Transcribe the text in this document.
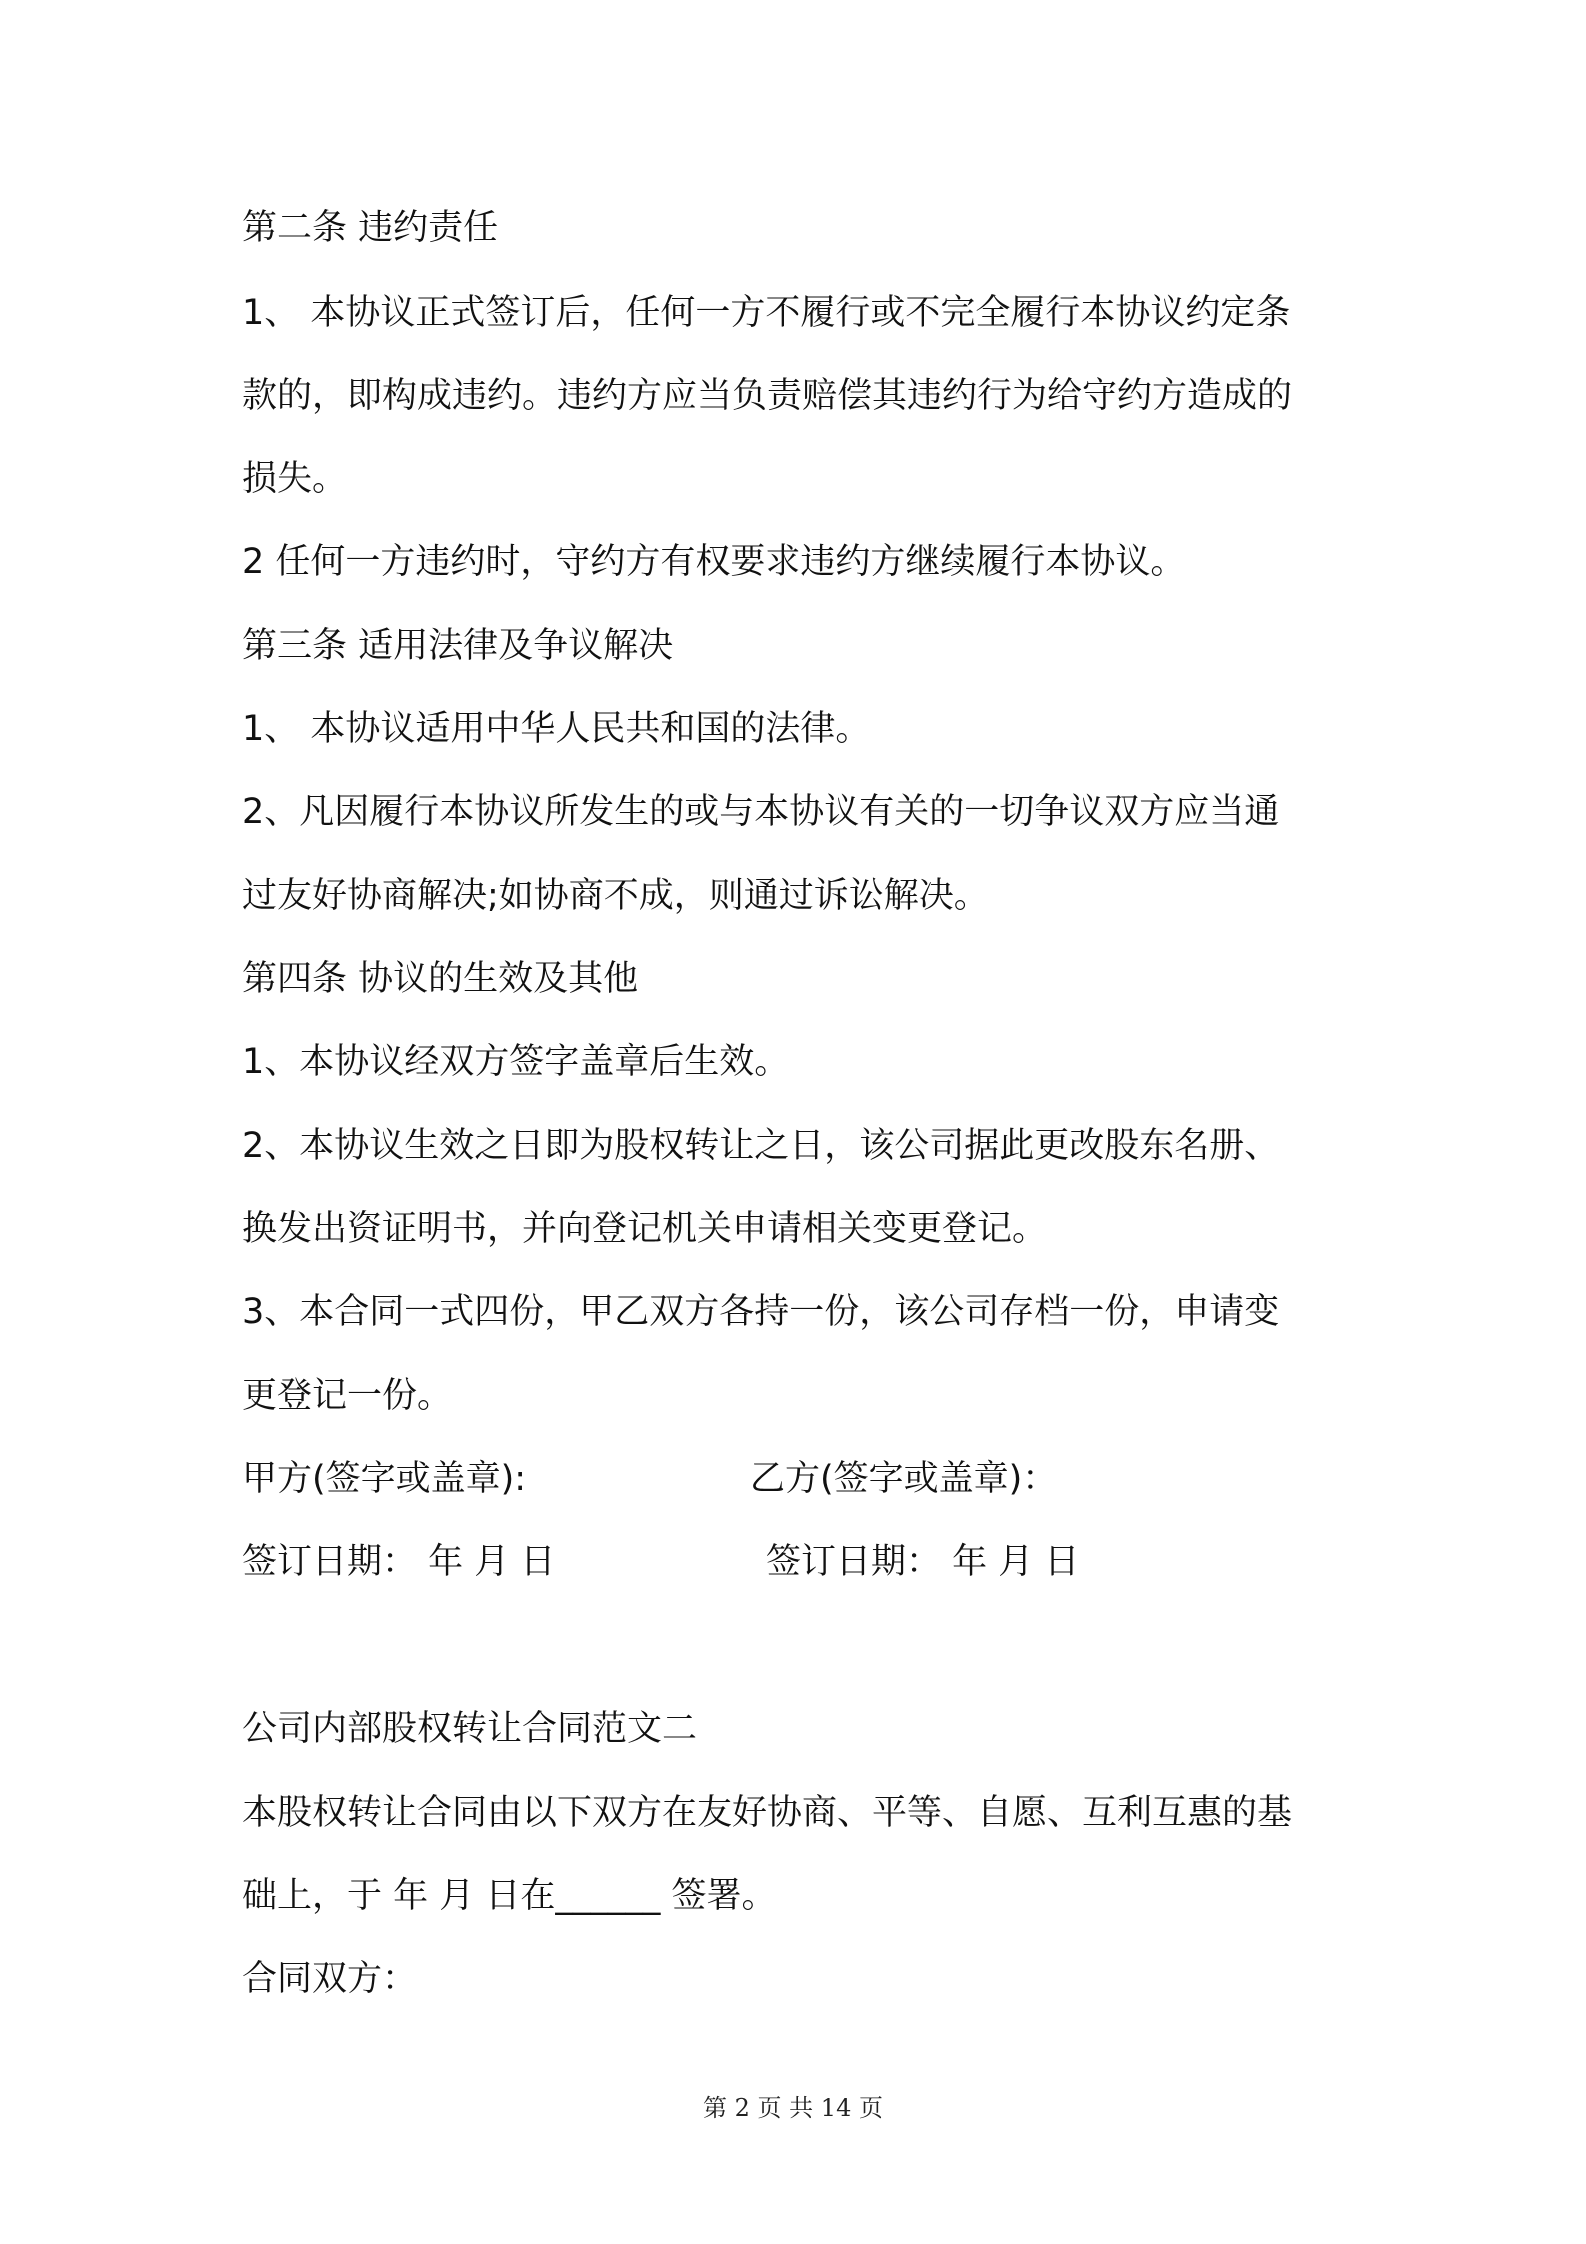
第二条 违约责任
1、 本协议正式签订后，任何一方不履行或不完全履行本协议约定条
款的，即构成违约。违约方应当负责赔偿其违约行为给守约方造成的
损失。
2 任何一方违约时，守约方有权要求违约方继续履行本协议。
第三条 适用法律及争议解决
1、 本协议适用中华人民共和国的法律。
2、凡因履行本协议所发生的或与本协议有关的一切争议双方应当通
过友好协商解决;如协商不成，则通过诉讼解决。
第四条 协议的生效及其他
1、本协议经双方签字盖章后生效。
2、本协议生效之日即为股权转让之日，该公司据此更改股东名册、
换发出资证明书，并向登记机关申请相关变更登记。
3、本合同一式四份，甲乙双方各持一份，该公司存档一份，申请变
更登记一份。
甲方(签字或盖章):	乙方(签字或盖章)：
签订日期： 年 月 日	签订日期： 年 月 日
公司内部股权转让合同范文二
本股权转让合同由以下双方在友好协商、平等、自愿、互利互惠的基
础上，于 年 月 日在______ 签署。
合同双方：
第 2 页 共 14 页
